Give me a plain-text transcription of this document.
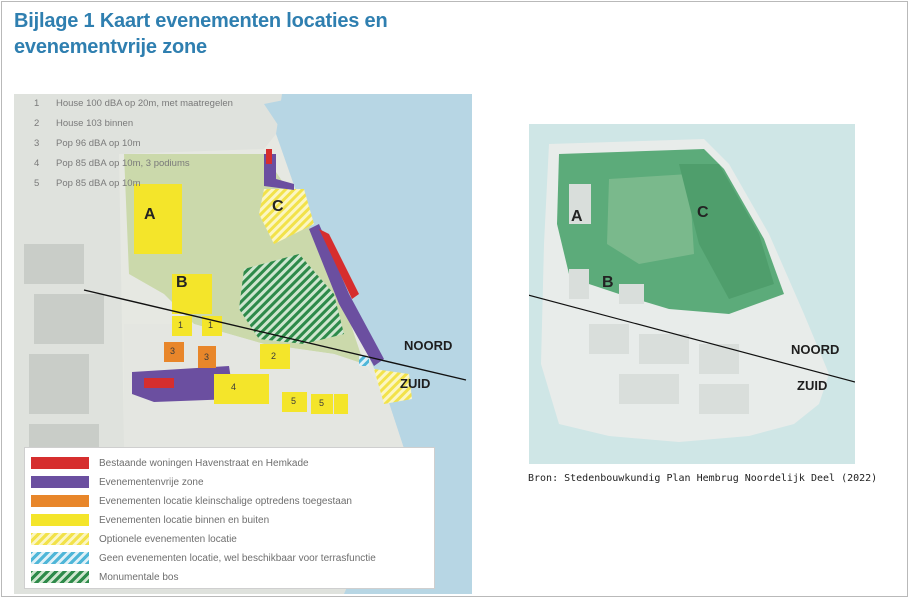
Bijlage 1 Kaart evenementen locaties en
evenementvrije zone
1	House 100 dBA op 20m, met maatregelen
2	House 103 binnen
3	Pop 96 dBA op 10m
4	Pop 85 dBA op 10m, 3 podiums
5	Pop 85 dBA op 10m
A
B
C
1	1
3
3	2
4
5	5
NOORD
ZUID
Bestaande woningen Havenstraat en Hemkade
Evenementenvrije zone
Evenementen locatie kleinschalige optredens toegestaan
Evenementen locatie binnen en buiten
Optionele evenementen locatie
Geen evenementen locatie, wel beschikbaar voor terrasfunctie
Monumentale bos
A
B
C
NOORD
ZUID
Bron: Stedenbouwkundig Plan Hembrug Noordelijk Deel (2022)
